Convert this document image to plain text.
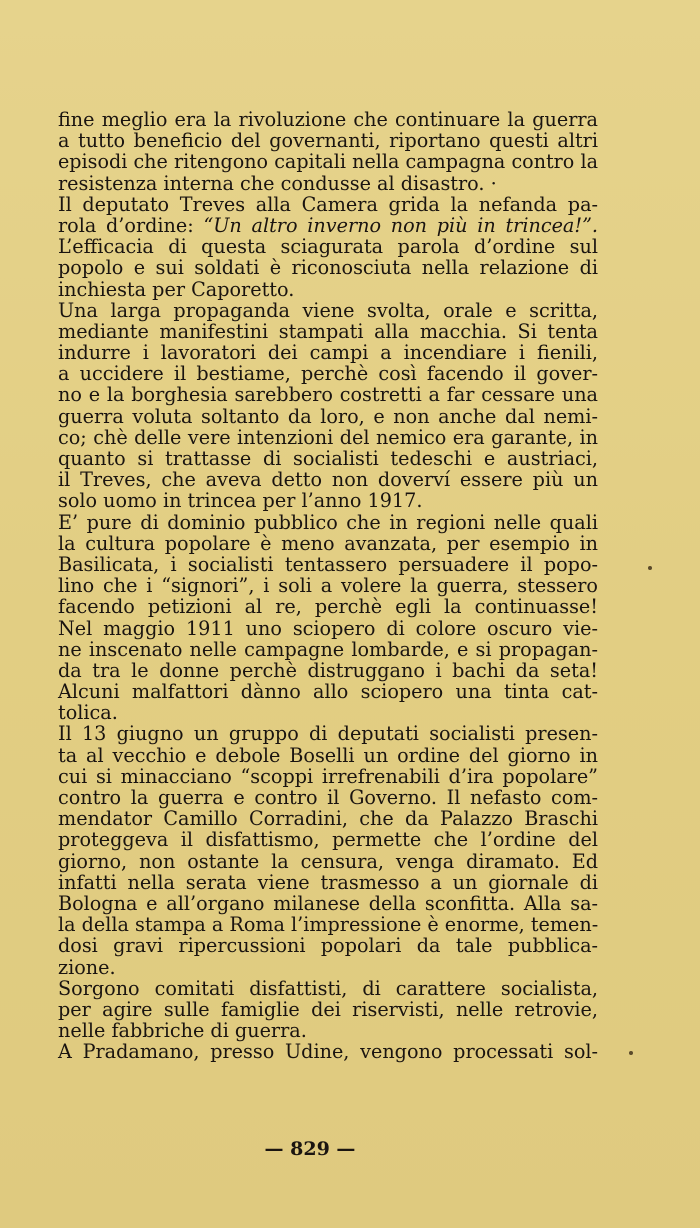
fine meglio era la rivoluzione che continuare la guerra
a tutto beneficio del governanti, riportano questi altri
episodi che ritengono capitali nella campagna contro la
resistenza interna che condusse al disastro. ·
Il deputato Treves alla Camera grida la nefanda pa-
rola d’ordine: “Un altro inverno non più in trincea!”.
L’efficacia di questa sciagurata parola d’ordine sul
popolo e sui soldati è riconosciuta nella relazione di
inchiesta per Caporetto.
Una larga propaganda viene svolta, orale e scritta,
mediante manifestini stampati alla macchia. Si tenta
indurre i lavoratori dei campi a incendiare i fienili,
a uccidere il bestiame, perchè così facendo il gover-
no e la borghesia sarebbero costretti a far cessare una
guerra voluta soltanto da loro, e non anche dal nemi-
co; chè delle vere intenzioni del nemico era garante, in
quanto si trattasse di socialisti tedeschi e austriaci,
il Treves, che aveva detto non doverví essere più un
solo uomo in trincea per l’anno 1917.
E’ pure di dominio pubblico che in regioni nelle quali
la cultura popolare è meno avanzata, per esempio in
Basilicata, i socialisti tentassero persuadere il popo-
lino che i “signori”, i soli a volere la guerra, stessero
facendo petizioni al re, perchè egli la continuasse!
Nel maggio 1911 uno sciopero di colore oscuro vie-
ne inscenato nelle campagne lombarde, e si propagan-
da tra le donne perchè distruggano i bachi da seta!
Alcuni malfattori dànno allo sciopero una tinta cat-
tolica.
Il 13 giugno un gruppo di deputati socialisti presen-
ta al vecchio e debole Boselli un ordine del giorno in
cui si minacciano “scoppi irrefrenabili d’ira popolare”
contro la guerra e contro il Governo. Il nefasto com-
mendator Camillo Corradini, che da Palazzo Braschi
proteggeva il disfattismo, permette che l’ordine del
giorno, non ostante la censura, venga diramato. Ed
infatti nella serata viene trasmesso a un giornale di
Bologna e all’organo milanese della sconfitta. Alla sa-
la della stampa a Roma l’impressione è enorme, temen-
dosi gravi ripercussioni popolari da tale pubblica-
zione.
Sorgono comitati disfattisti, di carattere socialista,
per agire sulle famiglie dei riservisti, nelle retrovie,
nelle fabbriche di guerra.
A Pradamano, presso Udine, vengono processati sol-
— 829 —
